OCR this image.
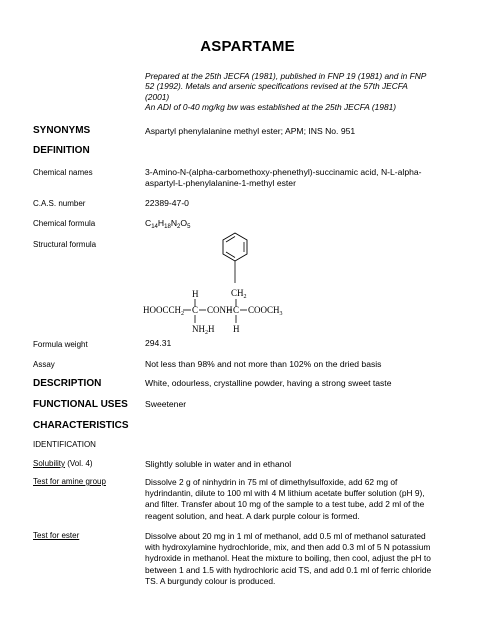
ASPARTAME
Prepared at the 25th JECFA (1981), published in FNP 19 (1981) and in FNP
52 (1992). Metals and arsenic specifications revised at the 57th JECFA
(2001)
An ADI of 0-40 mg/kg bw was established at the 25th JECFA (1981)
SYNONYMS	Aspartyl phenylalanine methyl ester; APM; INS No. 951
DEFINITION
Chemical names	3-Amino-N-(alpha-carbomethoxy-phenethyl)-succinamic acid, N-L-alpha-
aspartyl-L-phenylalanine-1-methyl ester
C.A.S. number	22389-47-0
Chemical formula	$C_{14}H_{18}N_2O_5$
Structural formula
H	$CH_2$
$HOOCCH_2$ C CONH C $COOCH_3$
$NH_2H$ H
Formula weight	294.31
Assay	Not less than 98% and not more than 102% on the dried basis
DESCRIPTION	White, odourless, crystalline powder, having a strong sweet taste
FUNCTIONAL USES Sweetener
CHARACTERISTICS
IDENTIFICATION
Solubility (Vol. 4)	Slightly soluble in water and in ethanol
Test for amine group	Dissolve 2 g of ninhydrin in 75 ml of dimethylsulfoxide, add 62 mg of
hydrindantin, dilute to 100 ml with 4 M lithium acetate buffer solution (pH 9),
and filter. Transfer about 10 mg of the sample to a test tube, add 2 ml of the
reagent solution, and heat. A dark purple colour is formed.
Test for ester	Dissolve about 20 mg in 1 ml of methanol, add 0.5 ml of methanol saturated
with hydroxylamine hydrochloride, mix, and then add 0.3 ml of 5 N potassium
hydroxide in methanol. Heat the mixture to boiling, then cool, adjust the pH to
between 1 and 1.5 with hydrochloric acid TS, and add 0.1 ml of ferric chloride
TS. A burgundy colour is produced.
